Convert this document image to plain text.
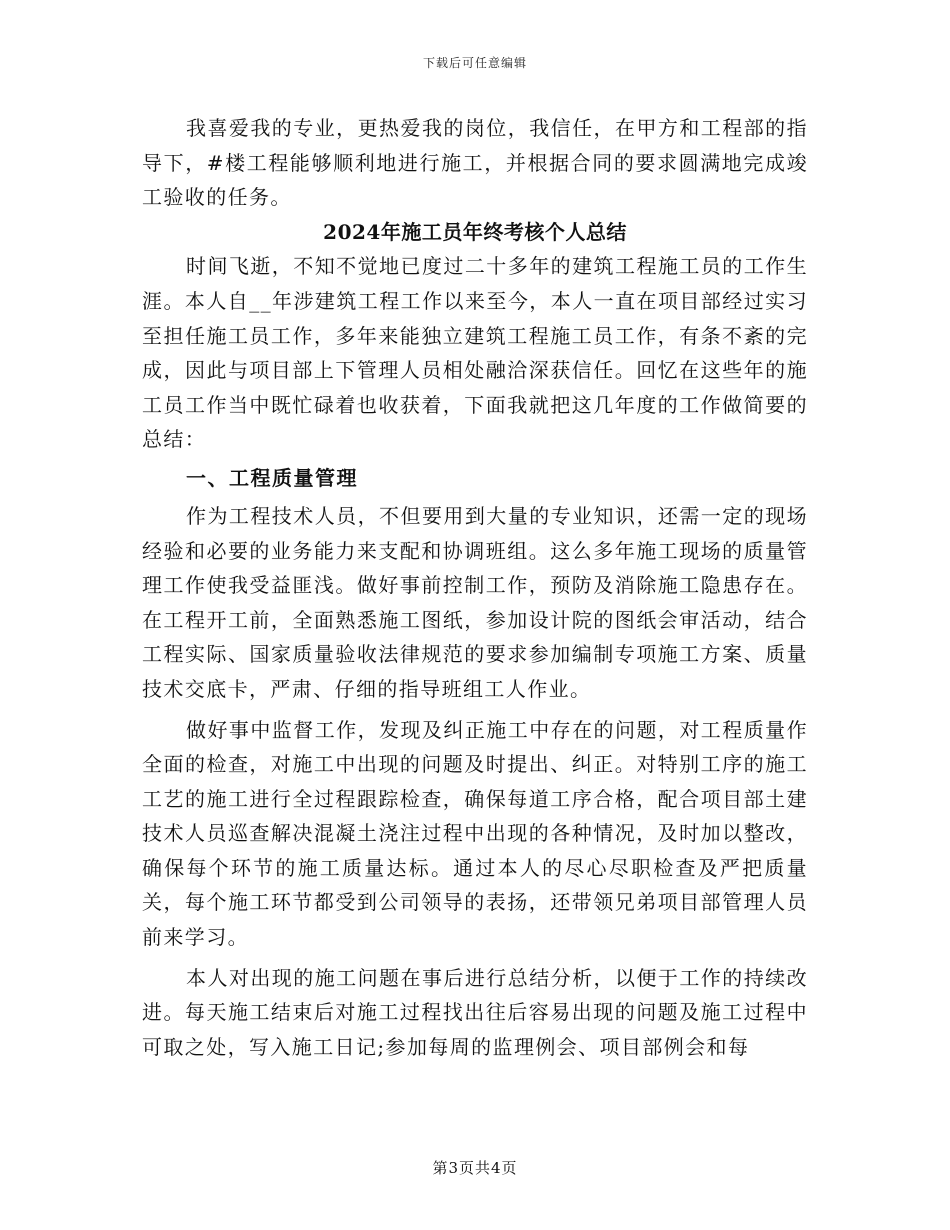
下载后可任意编辑

我喜爱我的专业，更热爱我的岗位，我信任，在甲方和工程部的指导下，#楼工程能够顺利地进行施工，并根据合同的要求圆满地完成竣工验收的任务。

2024年施工员年终考核个人总结

时间飞逝，不知不觉地已度过二十多年的建筑工程施工员的工作生涯。本人自__年涉建筑工程工作以来至今，本人一直在项目部经过实习至担任施工员工作，多年来能独立建筑工程施工员工作，有条不紊的完成，因此与项目部上下管理人员相处融洽深获信任。回忆在这些年的施工员工作当中既忙碌着也收获着，下面我就把这几年度的工作做简要的总结：

一、工程质量管理

作为工程技术人员，不但要用到大量的专业知识，还需一定的现场经验和必要的业务能力来支配和协调班组。这么多年施工现场的质量管理工作使我受益匪浅。做好事前控制工作，预防及消除施工隐患存在。在工程开工前，全面熟悉施工图纸，参加设计院的图纸会审活动，结合工程实际、国家质量验收法律规范的要求参加编制专项施工方案、质量技术交底卡，严肃、仔细的指导班组工人作业。

做好事中监督工作，发现及纠正施工中存在的问题，对工程质量作全面的检查，对施工中出现的问题及时提出、纠正。对特别工序的施工工艺的施工进行全过程跟踪检查，确保每道工序合格，配合项目部土建技术人员巡查解决混凝土浇注过程中出现的各种情况，及时加以整改，确保每个环节的施工质量达标。通过本人的尽心尽职检查及严把质量关，每个施工环节都受到公司领导的表扬，还带领兄弟项目部管理人员前来学习。

本人对出现的施工问题在事后进行总结分析，以便于工作的持续改进。每天施工结束后对施工过程找出往后容易出现的问题及施工过程中可取之处，写入施工日记;参加每周的监理例会、项目部例会和每

第3页共4页
